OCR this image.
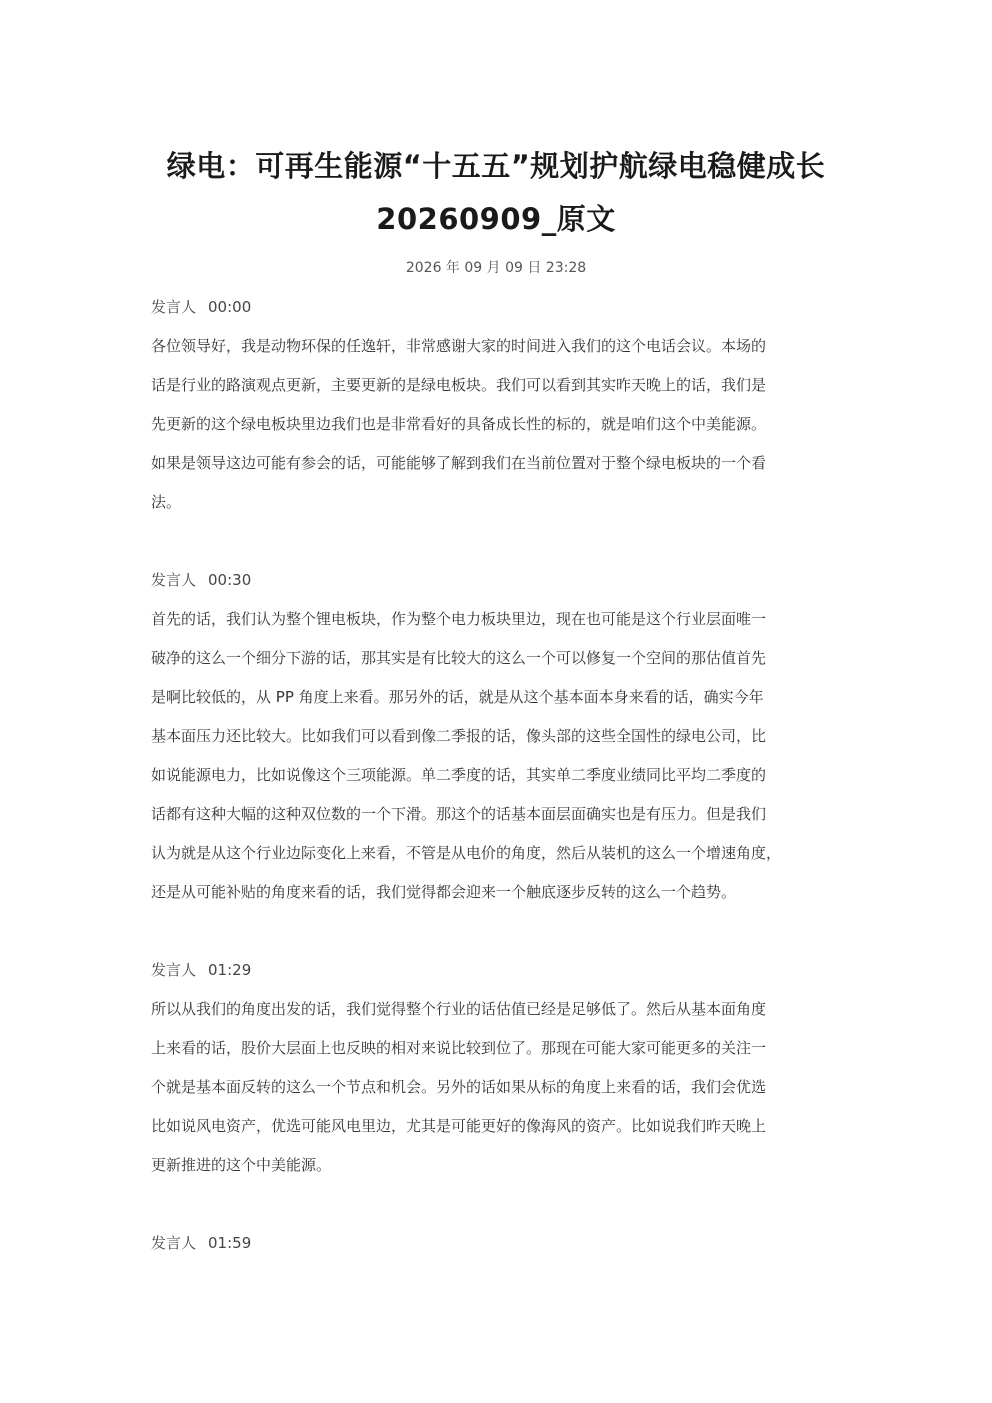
绿电：可再生能源“十五五”规划护航绿电稳健成长
20260909_原文
2026 年 09 月 09 日 23:28
发言人 00:00
各位领导好，我是动物环保的任逸轩，非常感谢大家的时间进入我们的这个电话会议。本场的
话是行业的路演观点更新，主要更新的是绿电板块。我们可以看到其实昨天晚上的话，我们是
先更新的这个绿电板块里边我们也是非常看好的具备成长性的标的，就是咱们这个中美能源。
如果是领导这边可能有参会的话，可能能够了解到我们在当前位置对于整个绿电板块的一个看
法。
发言人 00:30
首先的话，我们认为整个锂电板块，作为整个电力板块里边，现在也可能是这个行业层面唯一
破净的这么一个细分下游的话，那其实是有比较大的这么一个可以修复一个空间的那估值首先
是啊比较低的，从 PP 角度上来看。那另外的话，就是从这个基本面本身来看的话，确实今年
基本面压力还比较大。比如我们可以看到像二季报的话，像头部的这些全国性的绿电公司，比
如说能源电力，比如说像这个三项能源。单二季度的话，其实单二季度业绩同比平均二季度的
话都有这种大幅的这种双位数的一个下滑。那这个的话基本面层面确实也是有压力。但是我们
认为就是从这个行业边际变化上来看，不管是从电价的角度，然后从装机的这么一个增速角度，
还是从可能补贴的角度来看的话，我们觉得都会迎来一个触底逐步反转的这么一个趋势。
发言人 01:29
所以从我们的角度出发的话，我们觉得整个行业的话估值已经是足够低了。然后从基本面角度
上来看的话，股价大层面上也反映的相对来说比较到位了。那现在可能大家可能更多的关注一
个就是基本面反转的这么一个节点和机会。另外的话如果从标的角度上来看的话，我们会优选
比如说风电资产，优选可能风电里边，尤其是可能更好的像海风的资产。比如说我们昨天晚上
更新推进的这个中美能源。
发言人 01:59
